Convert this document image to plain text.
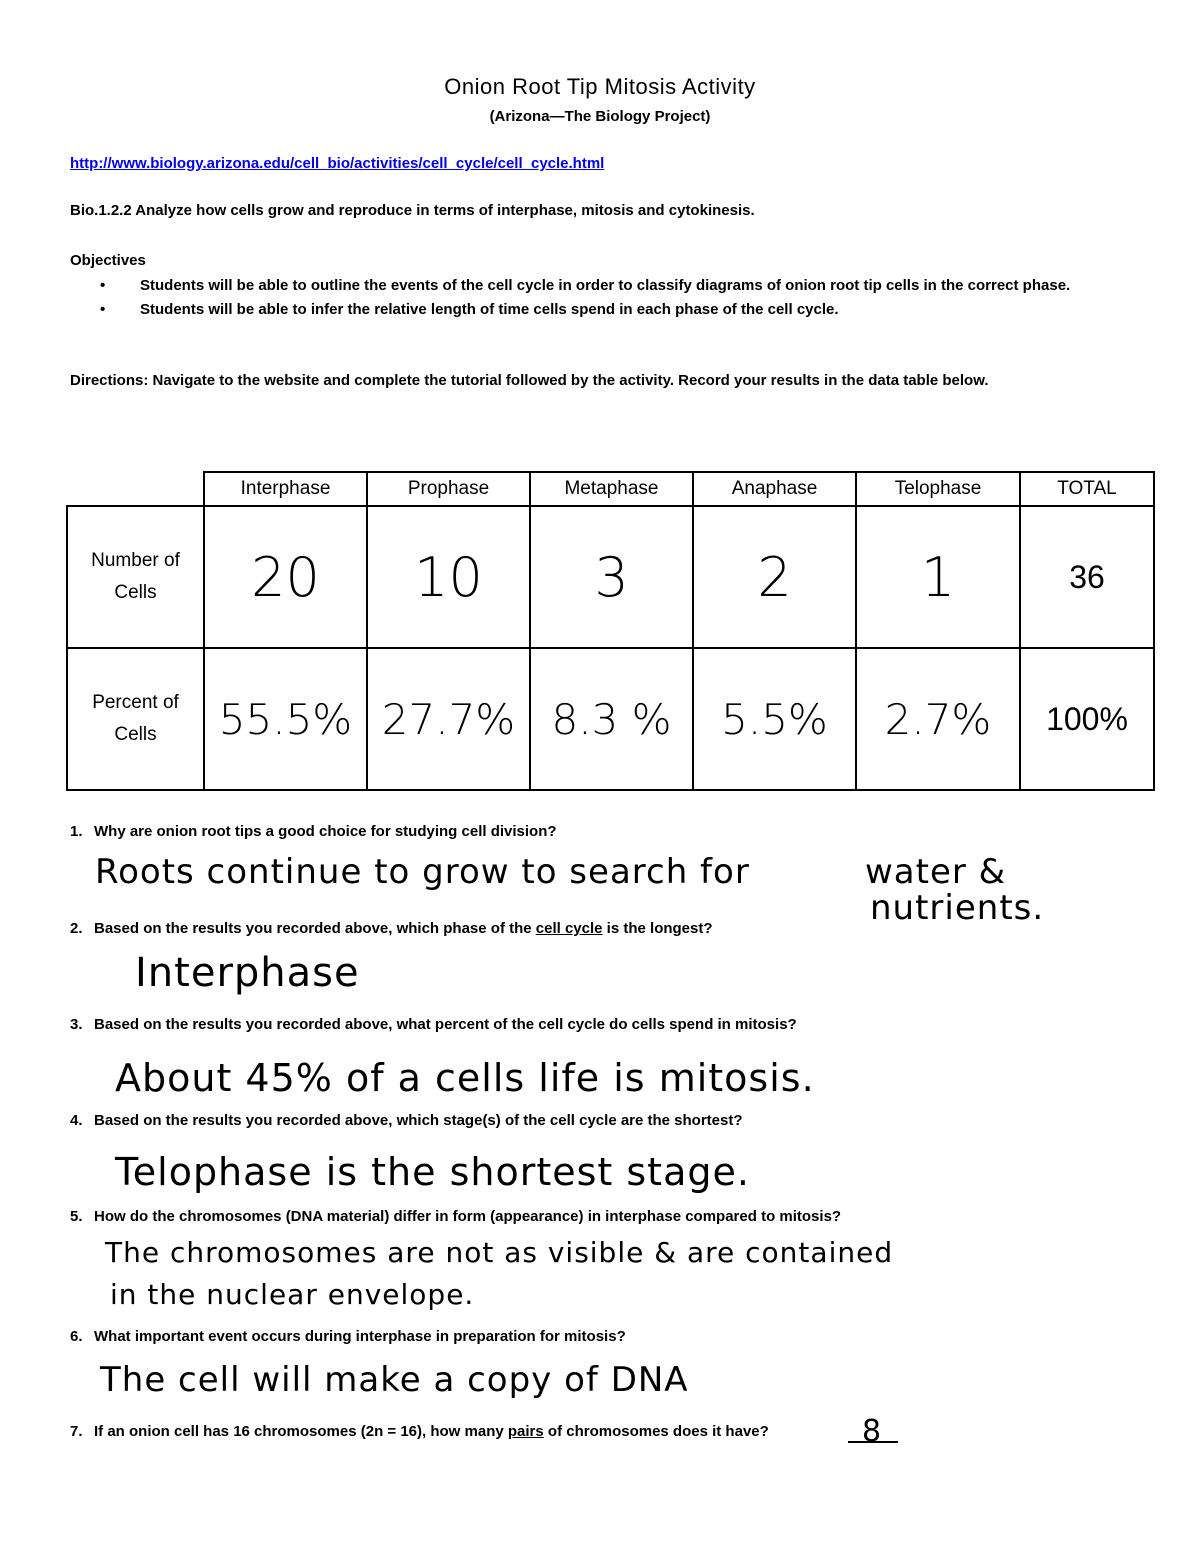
Onion Root Tip Mitosis Activity
(Arizona—The Biology Project)
http://www.biology.arizona.edu/cell_bio/activities/cell_cycle/cell_cycle.html
Bio.1.2.2 Analyze how cells grow and reproduce in terms of interphase, mitosis and cytokinesis.
Objectives
• Students will be able to outline the events of the cell cycle in order to classify diagrams of onion root tip cells in the correct phase.
• Students will be able to infer the relative length of time cells spend in each phase of the cell cycle.
Directions: Navigate to the website and complete the tutorial followed by the activity. Record your results in the data table below.
	Interphase	Prophase	Metaphase	Anaphase	Telophase	TOTAL
Number of
Cells	20	10	3	2	1	36
Percent of
Cells	55.5%	27.7%	8.3 %	5.5%	2.7%	100%
1. Why are onion root tips a good choice for studying cell division?
Roots continue to grow to search for	water &
nutrients.
2. Based on the results you recorded above, which phase of the cell cycle is the longest?
Interphase
3. Based on the results you recorded above, what percent of the cell cycle do cells spend in mitosis?
About 45% of a cells life is mitosis.
4. Based on the results you recorded above, which stage(s) of the cell cycle are the shortest?
Telophase is the shortest stage.
5. How do the chromosomes (DNA material) differ in form (appearance) in interphase compared to mitosis?
The chromosomes are not as visible & are contained
in the nuclear envelope.
6. What important event occurs during interphase in preparation for mitosis?
The cell will make a copy of DNA
7. If an onion cell has 16 chromosomes (2n = 16), how many pairs of chromosomes does it have?	8
